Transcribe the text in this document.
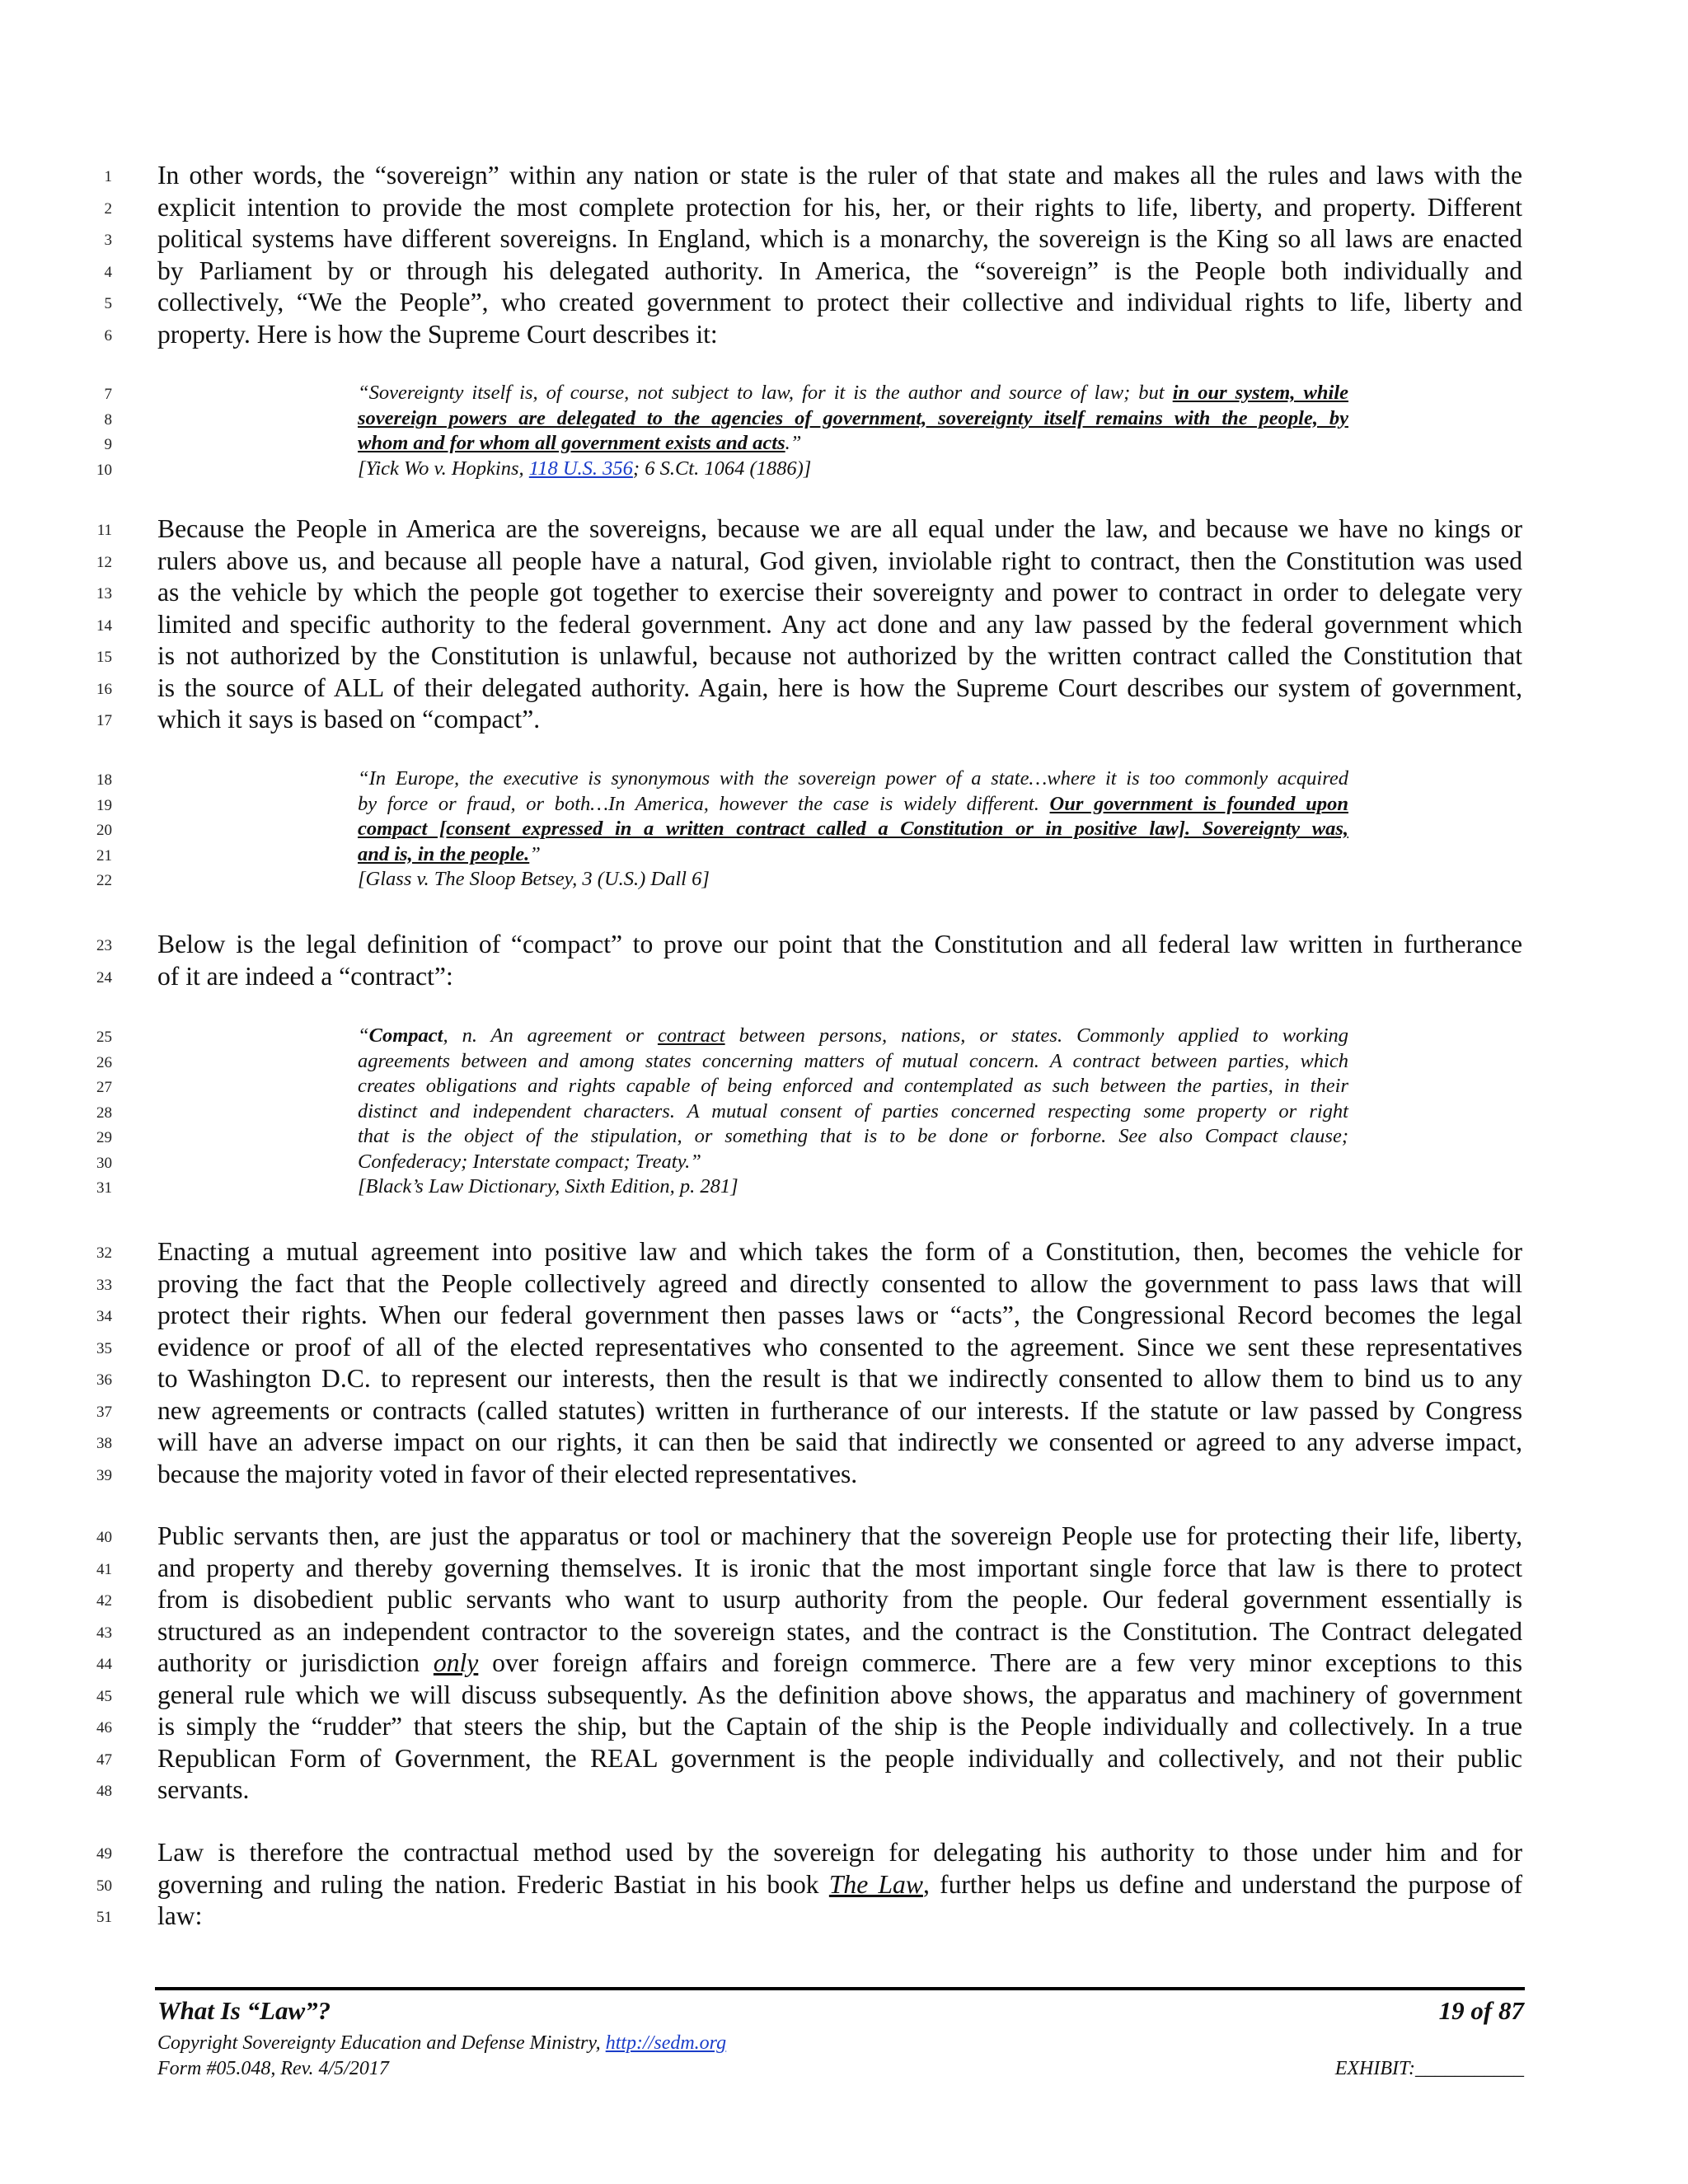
1 In other words, the “sovereign” within any nation or state is the ruler of that state and makes all the rules and laws with the
2 explicit intention to provide the most complete protection for his, her, or their rights to life, liberty, and property. Different
3 political systems have different sovereigns. In England, which is a monarchy, the sovereign is the King so all laws are enacted
4 by Parliament by or through his delegated authority. In America, the “sovereign” is the People both individually and
5 collectively, “We the People”, who created government to protect their collective and individual rights to life, liberty and
6 property. Here is how the Supreme Court describes it:
7	“Sovereignty itself is, of course, not subject to law, for it is the author and source of law; but in our system, while
8	sovereign powers are delegated to the agencies of government, sovereignty itself remains with the people, by
9	whom and for whom all government exists and acts.”
10	[Yick Wo v. Hopkins, 118 U.S. 356; 6 S.Ct. 1064 (1886)]
11 Because the People in America are the sovereigns, because we are all equal under the law, and because we have no kings or
12 rulers above us, and because all people have a natural, God given, inviolable right to contract, then the Constitution was used
13 as the vehicle by which the people got together to exercise their sovereignty and power to contract in order to delegate very
14 limited and specific authority to the federal government. Any act done and any law passed by the federal government which
15 is not authorized by the Constitution is unlawful, because not authorized by the written contract called the Constitution that
16 is the source of ALL of their delegated authority. Again, here is how the Supreme Court describes our system of government,
17 which it says is based on “compact”.
18	“In Europe, the executive is synonymous with the sovereign power of a state…where it is too commonly acquired
19	by force or fraud, or both…In America, however the case is widely different. Our government is founded upon
20	compact [consent expressed in a written contract called a Constitution or in positive law]. Sovereignty was,
21	and is, in the people.”
22	[Glass v. The Sloop Betsey, 3 (U.S.) Dall 6]
23 Below is the legal definition of “compact” to prove our point that the Constitution and all federal law written in furtherance
24 of it are indeed a “contract”:
25	“Compact, n. An agreement or contract between persons, nations, or states. Commonly applied to working
26	agreements between and among states concerning matters of mutual concern. A contract between parties, which
27	creates obligations and rights capable of being enforced and contemplated as such between the parties, in their
28	distinct and independent characters. A mutual consent of parties concerned respecting some property or right
29	that is the object of the stipulation, or something that is to be done or forborne. See also Compact clause;
30	Confederacy; Interstate compact; Treaty.”
31	[Black’s Law Dictionary, Sixth Edition, p. 281]
32 Enacting a mutual agreement into positive law and which takes the form of a Constitution, then, becomes the vehicle for
33 proving the fact that the People collectively agreed and directly consented to allow the government to pass laws that will
34 protect their rights. When our federal government then passes laws or “acts”, the Congressional Record becomes the legal
35 evidence or proof of all of the elected representatives who consented to the agreement. Since we sent these representatives
36 to Washington D.C. to represent our interests, then the result is that we indirectly consented to allow them to bind us to any
37 new agreements or contracts (called statutes) written in furtherance of our interests. If the statute or law passed by Congress
38 will have an adverse impact on our rights, it can then be said that indirectly we consented or agreed to any adverse impact,
39 because the majority voted in favor of their elected representatives.
40 Public servants then, are just the apparatus or tool or machinery that the sovereign People use for protecting their life, liberty,
41 and property and thereby governing themselves. It is ironic that the most important single force that law is there to protect
42 from is disobedient public servants who want to usurp authority from the people. Our federal government essentially is
43 structured as an independent contractor to the sovereign states, and the contract is the Constitution. The Contract delegated
44 authority or jurisdiction only over foreign affairs and foreign commerce. There are a few very minor exceptions to this
45 general rule which we will discuss subsequently. As the definition above shows, the apparatus and machinery of government
46 is simply the “rudder” that steers the ship, but the Captain of the ship is the People individually and collectively. In a true
47 Republican Form of Government, the REAL government is the people individually and collectively, and not their public
48 servants.
49 Law is therefore the contractual method used by the sovereign for delegating his authority to those under him and for
50 governing and ruling the nation. Frederic Bastiat in his book The Law, further helps us define and understand the purpose of
51 law:
What Is “Law”?	19 of 87
Copyright Sovereignty Education and Defense Ministry, http://sedm.org
Form #05.048, Rev. 4/5/2017	EXHIBIT:___________
